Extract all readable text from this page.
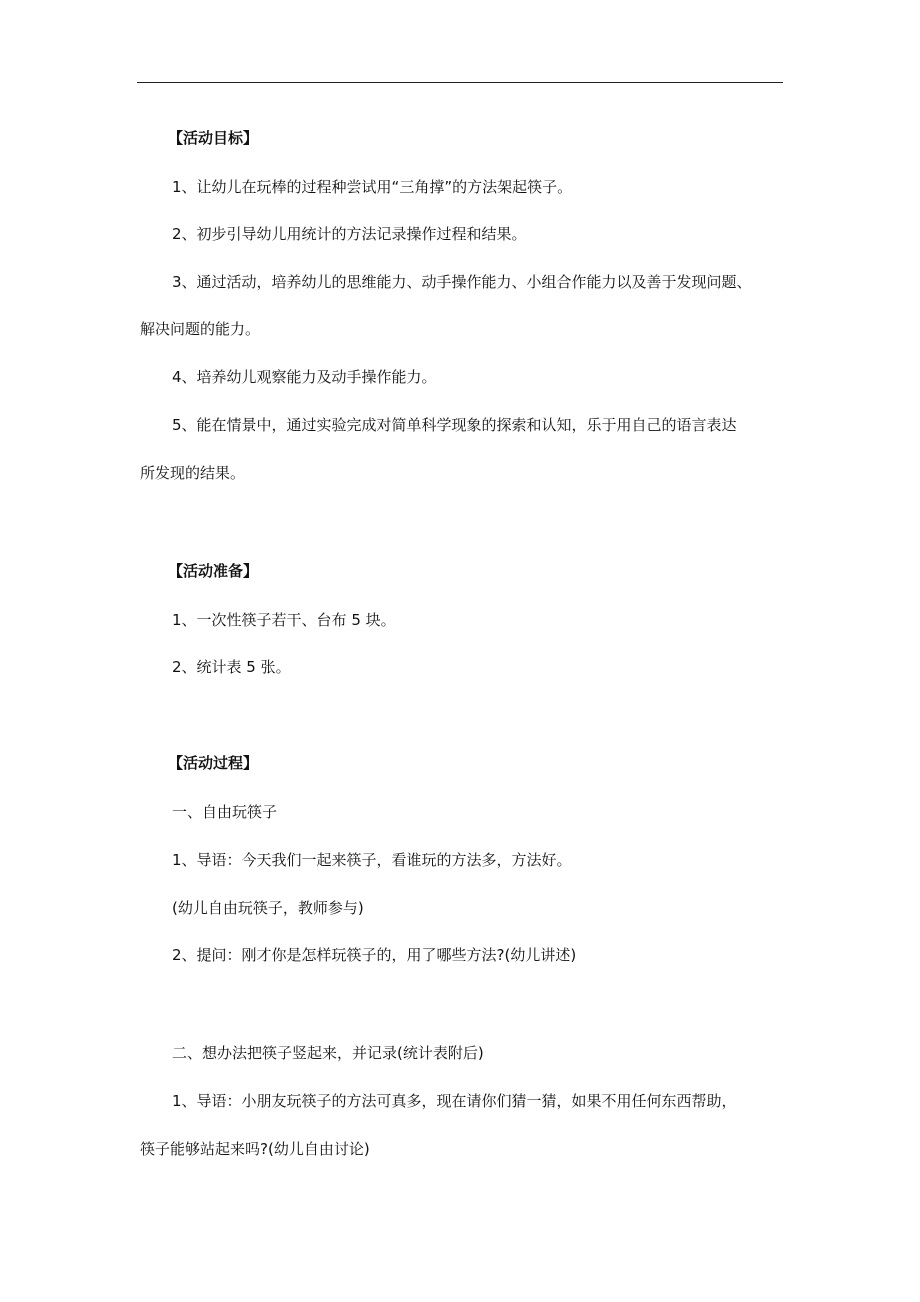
【活动目标】
1、让幼儿在玩棒的过程种尝试用“三角撑”的方法架起筷子。
2、初步引导幼儿用统计的方法记录操作过程和结果。
3、通过活动，培养幼儿的思维能力、动手操作能力、小组合作能力以及善于发现问题、
解决问题的能力。
4、培养幼儿观察能力及动手操作能力。
5、能在情景中，通过实验完成对简单科学现象的探索和认知，乐于用自己的语言表达
所发现的结果。
【活动准备】
1、一次性筷子若干、台布 5 块。
2、统计表 5 张。
【活动过程】
一、自由玩筷子
1、导语：今天我们一起来筷子，看谁玩的方法多，方法好。
(幼儿自由玩筷子，教师参与)
2、提问：刚才你是怎样玩筷子的，用了哪些方法?(幼儿讲述)
二、想办法把筷子竖起来，并记录(统计表附后)
1、导语：小朋友玩筷子的方法可真多，现在请你们猜一猜，如果不用任何东西帮助，
筷子能够站起来吗?(幼儿自由讨论)
